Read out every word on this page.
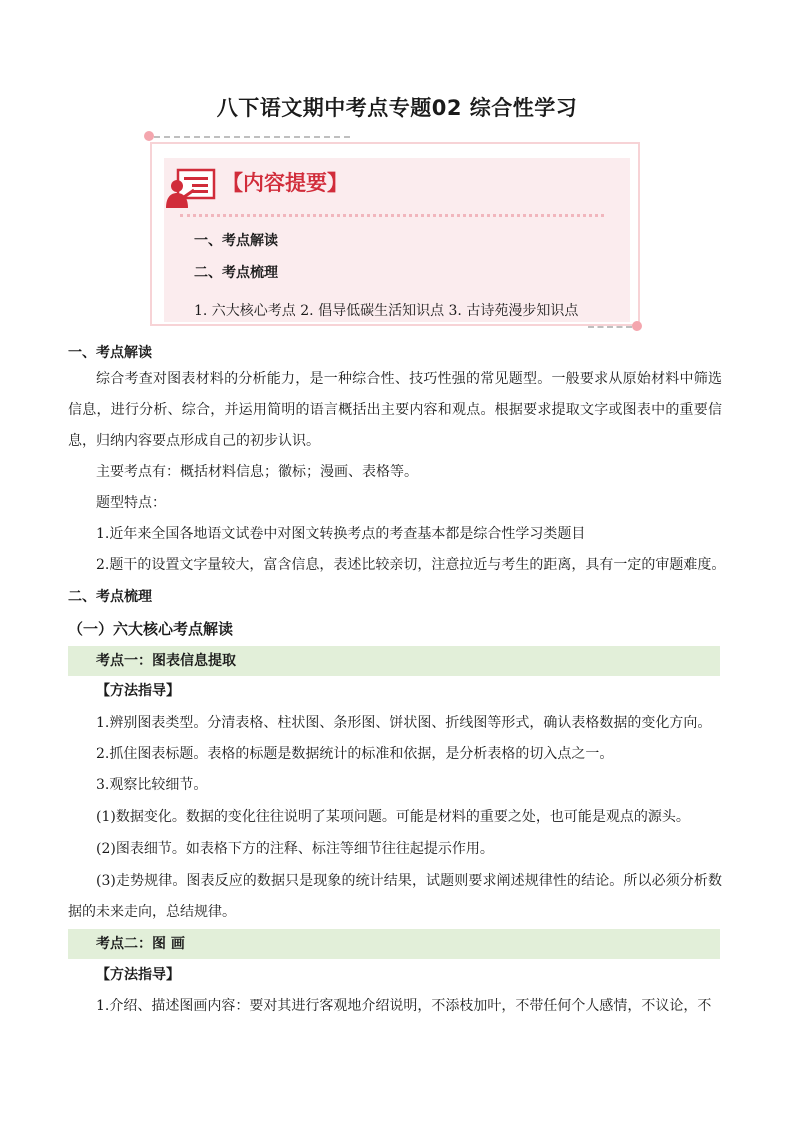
八下语文期中考点专题02 综合性学习
【内容提要】
一、考点解读
二、考点梳理
1. 六大核心考点 2. 倡导低碳生活知识点 3. 古诗苑漫步知识点
一、考点解读
综合考查对图表材料的分析能力，是一种综合性、技巧性强的常见题型。一般要求从原始材料中筛选信息，进行分析、综合，并运用简明的语言概括出主要内容和观点。根据要求提取文字或图表中的重要信息，归纳内容要点形成自己的初步认识。
主要考点有：概括材料信息；徽标；漫画、表格等。
题型特点：
1.近年来全国各地语文试卷中对图文转换考点的考查基本都是综合性学习类题目
2.题干的设置文字量较大，富含信息，表述比较亲切，注意拉近与考生的距离，具有一定的审题难度。
二、考点梳理
（一）六大核心考点解读
考点一：图表信息提取
【方法指导】
1.辨别图表类型。分清表格、柱状图、条形图、饼状图、折线图等形式，确认表格数据的变化方向。
2.抓住图表标题。表格的标题是数据统计的标准和依据，是分析表格的切入点之一。
3.观察比较细节。
(1)数据变化。数据的变化往往说明了某项问题。可能是材料的重要之处，也可能是观点的源头。
(2)图表细节。如表格下方的注释、标注等细节往往起提示作用。
(3)走势规律。图表反应的数据只是现象的统计结果，试题则要求阐述规律性的结论。所以必须分析数据的未来走向，总结规律。
考点二：图 画
【方法指导】
1.介绍、描述图画内容：要对其进行客观地介绍说明，不添枝加叶，不带任何个人感情，不议论，不
